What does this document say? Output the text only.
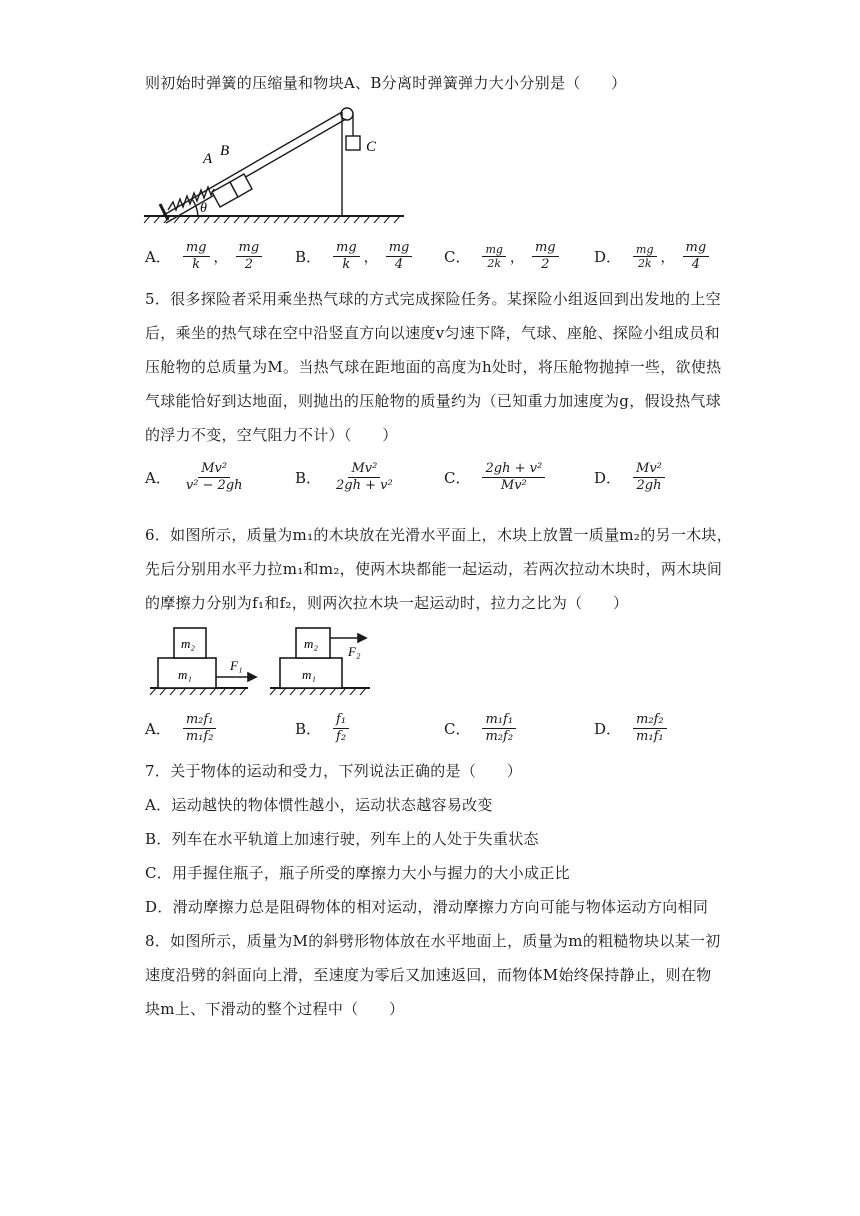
则初始时弹簧的压缩量和物块A、B分离时弹簧弹力大小分别是（　　）
A B	C
θ
A． $\frac{mg}{k}$ ， $\frac{mg}{2}$ B． $\frac{mg}{k}$ ， $\frac{mg}{4}$ C． $\frac{mg}{2k}$ ， $\frac{mg}{2}$ D． $\frac{mg}{2k}$ ， $\frac{mg}{4}$
5．很多探险者采用乘坐热气球的方式完成探险任务。某探险小组返回到出发地的上空
后，乘坐的热气球在空中沿竖直方向以速度v匀速下降，气球、座舱、探险小组成员和
压舱物的总质量为M。当热气球在距地面的高度为h处时，将压舱物抛掉一些，欲使热
气球能恰好到达地面，则抛出的压舱物的质量约为（已知重力加速度为g，假设热气球
的浮力不变，空气阻力不计）（　　）
A． $\frac{\text{Mv²}}{\text{v² − 2gh}}$	B． $\frac{\text{Mv²}}{\text{2gh + v²}}$	C． $\frac{\text{2gh + v²}}{\text{Mv²}}$	D． $\frac{\text{Mv²}}{2gh}$
6．如图所示，质量为m₁的木块放在光滑水平面上，木块上放置一质量m₂的另一木块，
先后分别用水平力拉m₁和m₂，使两木块都能一起运动，若两次拉动木块时，两木块间
的摩擦力分别为f₁和f₂，则两次拉木块一起运动时，拉力之比为（　　）
m₂
m₁
F₁
m₂
m₁
F₂
A． $\frac{\text{m₂f₁}}{\text{m₁f₂}}$	B． $\frac{\text{f₁}}{\text{f₂}}$	C． $\frac{\text{m₁f₁}}{\text{m₂f₂}}$	D． $\frac{\text{m₂f₂}}{\text{m₁f₁}}$
7．关于物体的运动和受力，下列说法正确的是（　　）
A．运动越快的物体惯性越小，运动状态越容易改变
B．列车在水平轨道上加速行驶，列车上的人处于失重状态
C．用手握住瓶子，瓶子所受的摩擦力大小与握力的大小成正比
D．滑动摩擦力总是阻碍物体的相对运动，滑动摩擦力方向可能与物体运动方向相同
8．如图所示，质量为M的斜劈形物体放在水平地面上，质量为m的粗糙物块以某一初
速度沿劈的斜面向上滑，至速度为零后又加速返回，而物体M始终保持静止，则在物
块m上、下滑动的整个过程中（　　）
